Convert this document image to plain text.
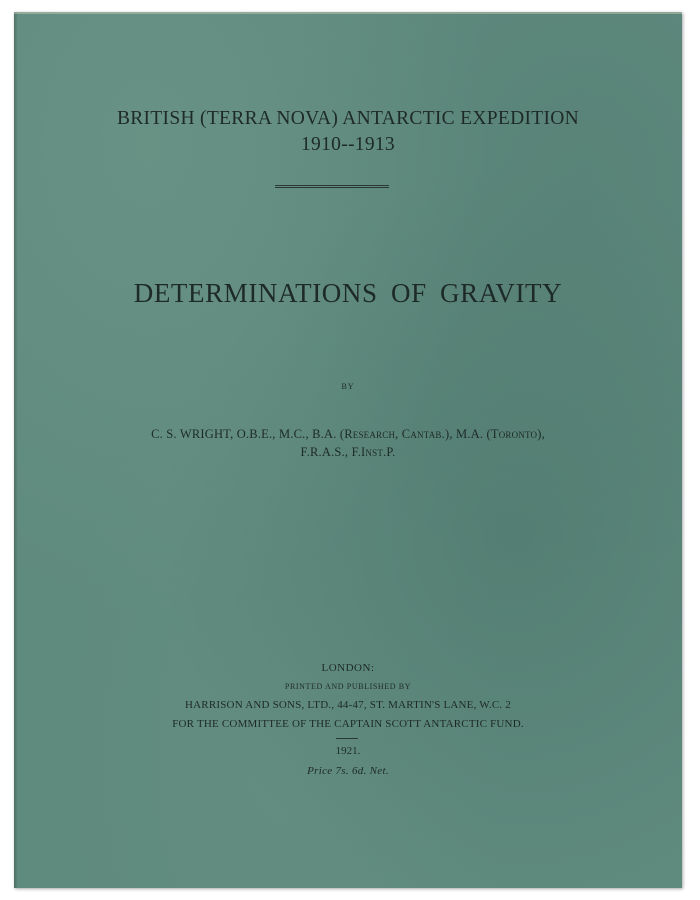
BRITISH (TERRA NOVA) ANTARCTIC EXPEDITION
1910--1913
DETERMINATIONS OF GRAVITY
BY
C. S. WRIGHT, O.B.E., M.C., B.A. (Research, Cantab.), M.A. (Toronto),
F.R.A.S., F.Inst.P.
LONDON:
PRINTED AND PUBLISHED BY
HARRISON AND SONS, LTD., 44-47, ST. MARTIN'S LANE, W.C. 2
FOR THE COMMITTEE OF THE CAPTAIN SCOTT ANTARCTIC FUND.
1921.
Price 7s. 6d. Net.
